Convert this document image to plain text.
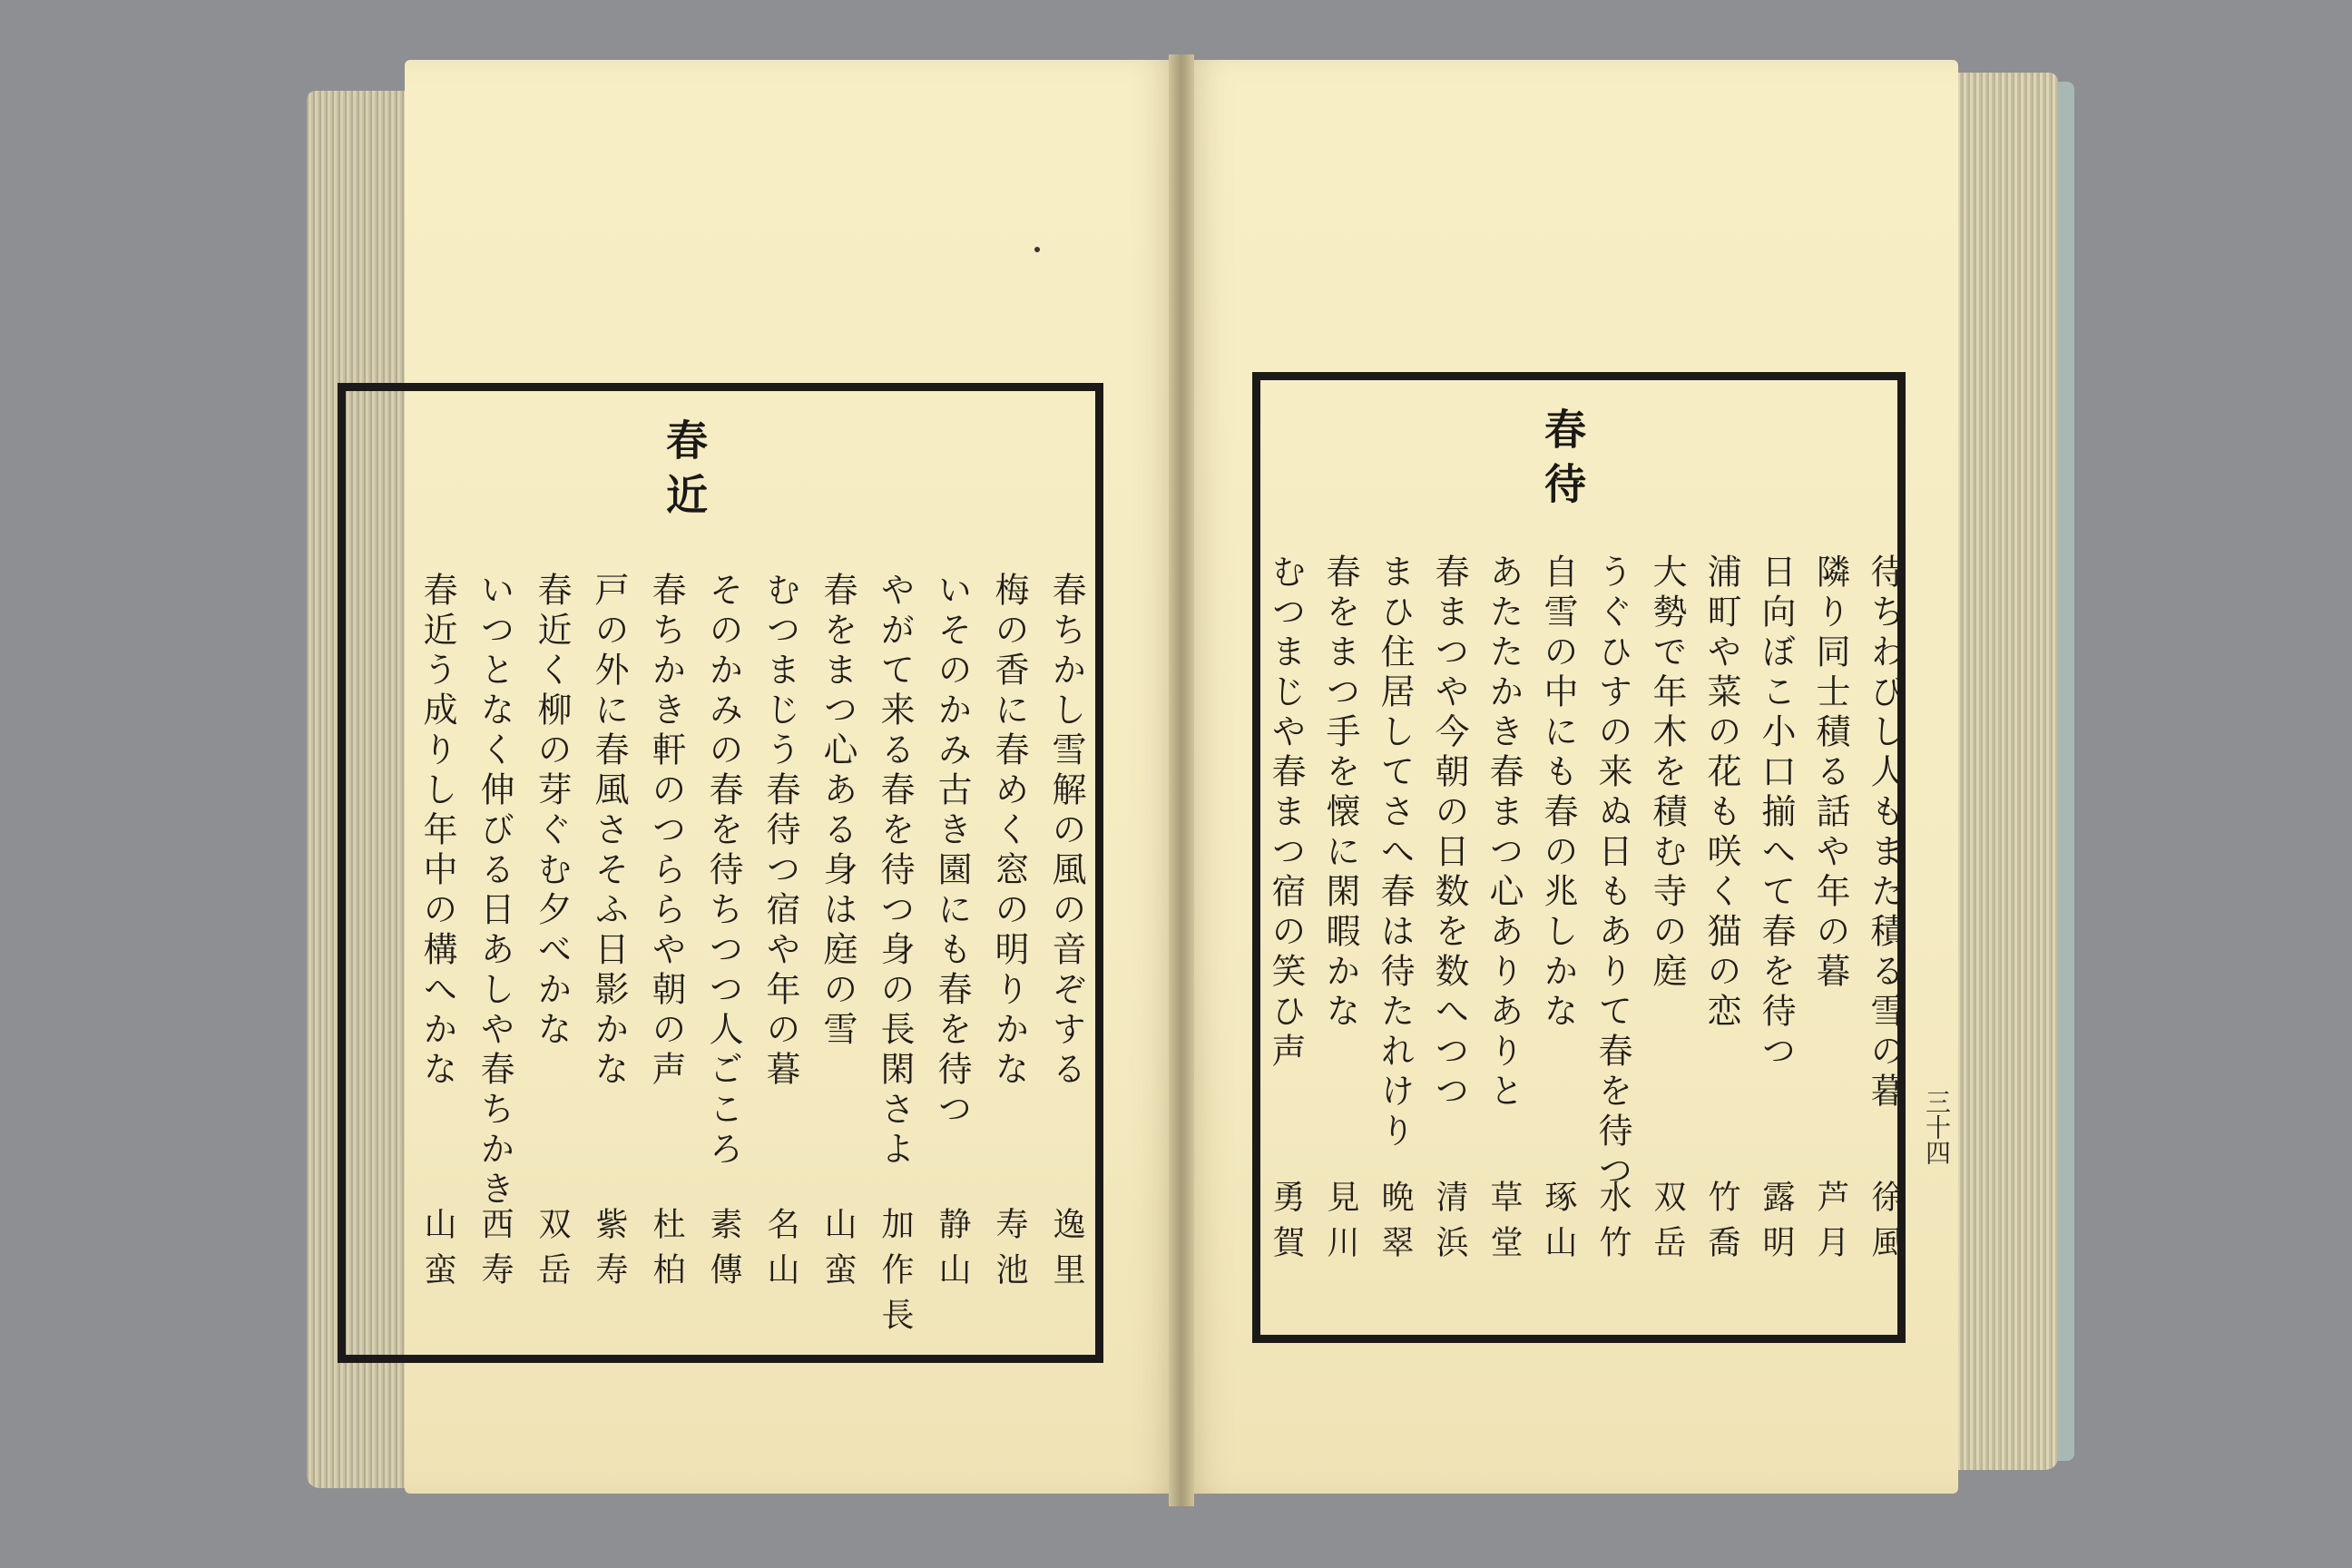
春近
春待
三十四
春ちかし雪解の風の音ぞする
逸里
梅の香に春めく窓の明りかな
寿池
いそのかみ古き園にも春を待つ
静山
やがて来る春を待つ身の長閑さよ
加作長
春をまつ心ある身は庭の雪
山蛮
むつまじう春待つ宿や年の暮
名山
そのかみの春を待ちつつ人ごころ
素傳
春ちかき軒のつららや朝の声
杜柏
戸の外に春風さそふ日影かな
紫寿
春近く柳の芽ぐむ夕べかな
双岳
いつとなく伸びる日あしや春ちかき
西寿
春近う成りし年中の構へかな
山蛮
待ちわびし人もまた積る雪の暮
徐風
隣り同士積る話や年の暮
芦月
日向ぼこ小口揃へて春を待つ
露明
浦町や菜の花も咲く猫の恋
竹喬
大勢で年木を積む寺の庭
双岳
うぐひすの来ぬ日もありて春を待つ
水竹
自雪の中にも春の兆しかな
琢山
あたたかき春まつ心ありありと
草堂
春まつや今朝の日数を数へつつ
清浜
まひ住居してさへ春は待たれけり
晩翠
春をまつ手を懐に閑暇かな
見川
むつまじや春まつ宿の笑ひ声
勇賀
